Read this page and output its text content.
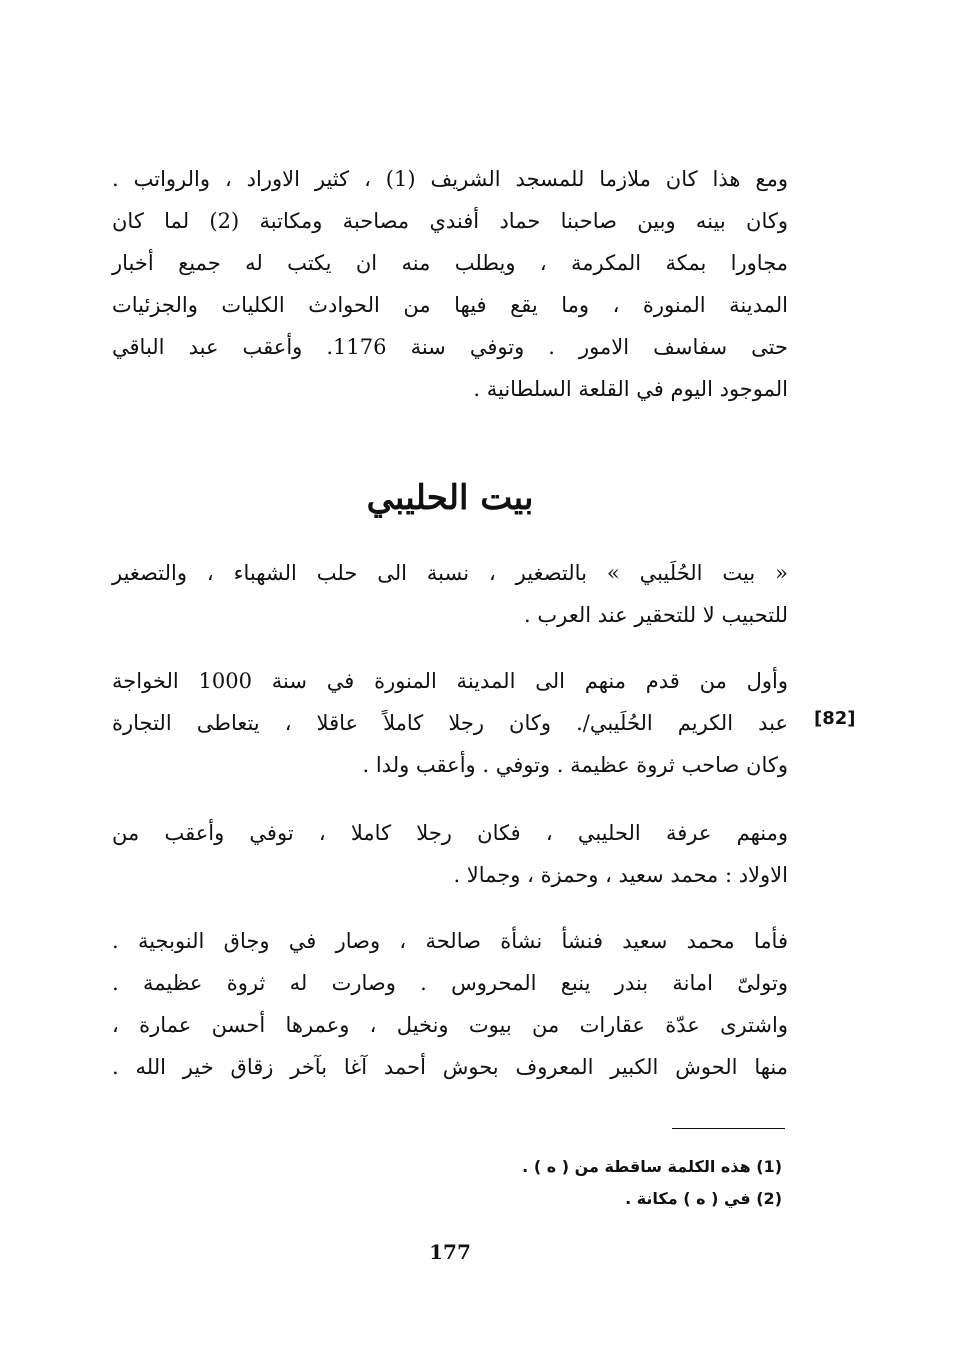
ومع هذا كان ملازما للمسجد الشريف (1) ، كثير الاوراد ، والرواتب .
وكان بينه وبين صاحبنا حماد أفندي مصاحبة ومكاتبة (2) لما كان
مجاورا بمكة المكرمة ، ويطلب منه ان يكتب له جميع أخبار
المدينة المنورة ، وما يقع فيها من الحوادث الكليات والجزئيات
حتى سفاسف الامور . وتوفي سنة 1176. وأعقب عبد الباقي
الموجود اليوم في القلعة السلطانية .
بيت الحليبي
« بيت الحُلَيبي » بالتصغير ، نسبة الى حلب الشهباء ، والتصغير
للتحبيب لا للتحقير عند العرب .
وأول من قدم منهم الى المدينة المنورة في سنة 1000 الخواجة
عبد الكريم الحُلَيبي/. وكان رجلا كاملاً عاقلا ، يتعاطى التجارة
وكان صاحب ثروة عظيمة . وتوفي . وأعقب ولدا .
[82]
ومنهم عرفة الحليبي ، فكان رجلا كاملا ، توفي وأعقب من
الاولاد : محمد سعيد ، وحمزة ، وجمالا .
فأما محمد سعيد فنشأ نشأة صالحة ، وصار في وجاق النوبجية .
وتولىّ امانة بندر ينبع المحروس . وصارت له ثروة عظيمة .
واشترى عدّة عقارات من بيوت ونخيل ، وعمرها أحسن عمارة ،
منها الحوش الكبير المعروف بحوش أحمد آغا بآخر زقاق خير الله .
(1) هذه الكلمة ساقطة من ( ه ) .
(2) في ( ه ) مكانة .
177
